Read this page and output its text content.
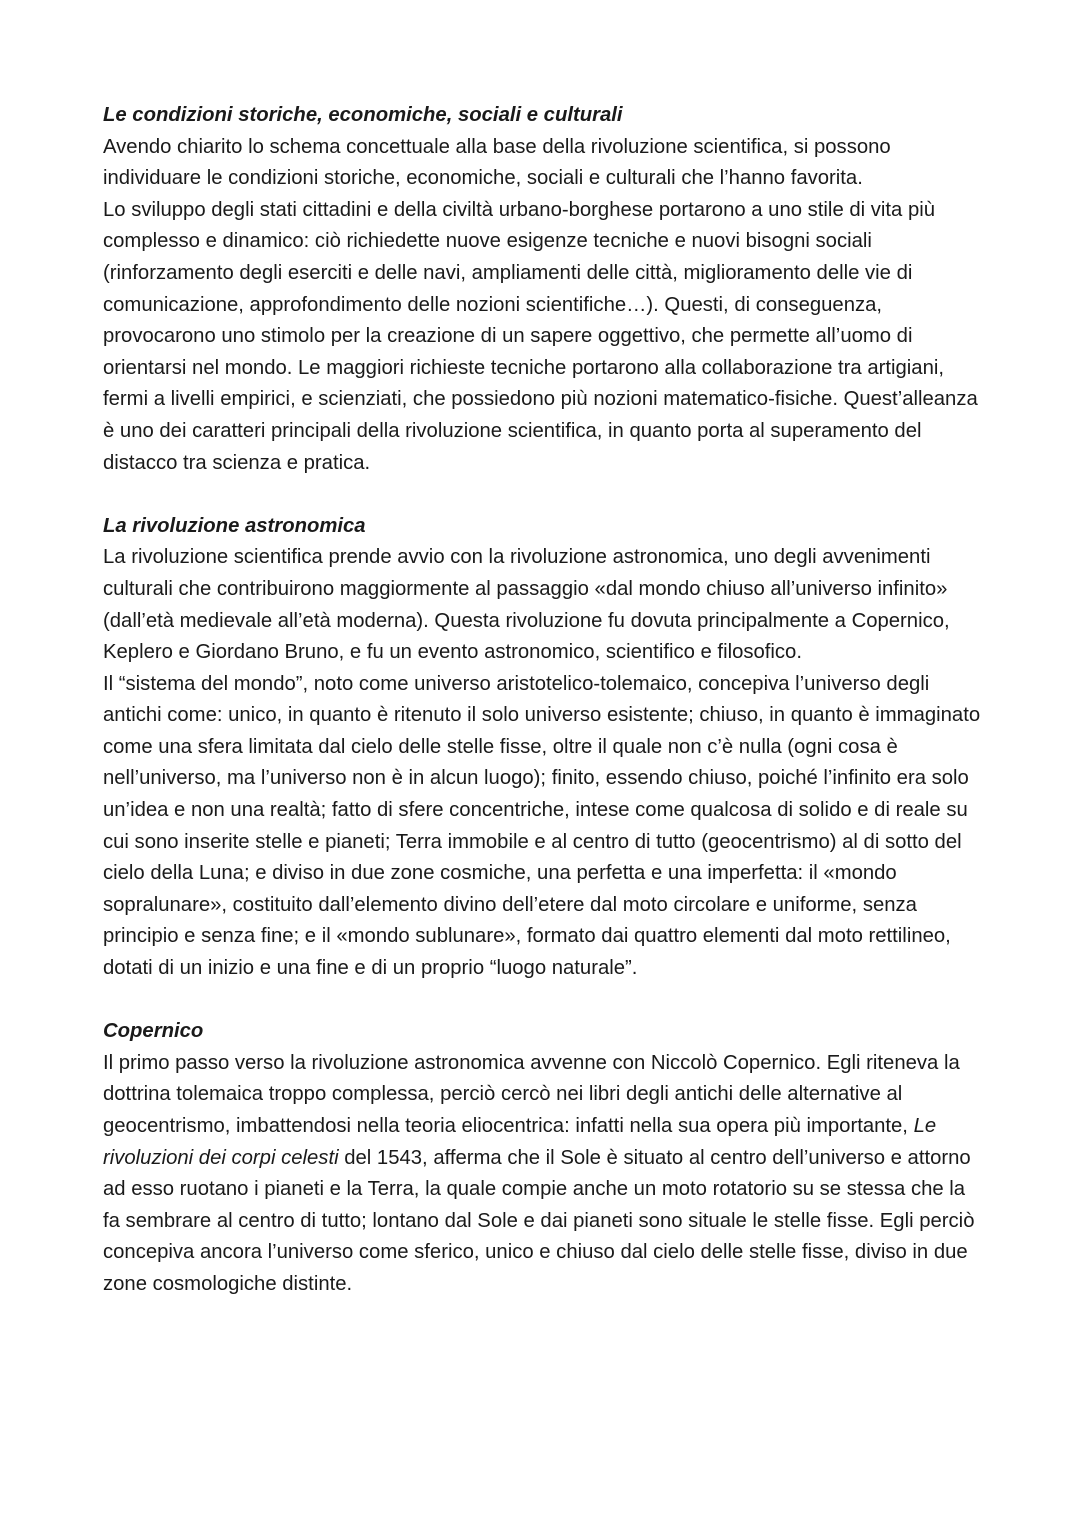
Le condizioni storiche, economiche, sociali e culturali

Avendo chiarito lo schema concettuale alla base della rivoluzione scientifica, si possono individuare le condizioni storiche, economiche, sociali e culturali che l’hanno favorita.

Lo sviluppo degli stati cittadini e della civiltà urbano-borghese portarono a uno stile di vita più complesso e dinamico: ciò richiedette nuove esigenze tecniche e nuovi bisogni sociali (rinforzamento degli eserciti e delle navi, ampliamenti delle città, miglioramento delle vie di comunicazione, approfondimento delle nozioni scientifiche…). Questi, di conseguenza, provocarono uno stimolo per la creazione di un sapere oggettivo, che permette all’uomo di orientarsi nel mondo. Le maggiori richieste tecniche portarono alla collaborazione tra artigiani, fermi a livelli empirici, e scienziati, che possiedono più nozioni matematico-fisiche. Quest’alleanza è uno dei caratteri principali della rivoluzione scientifica, in quanto porta al superamento del distacco tra scienza e pratica.

La rivoluzione astronomica

La rivoluzione scientifica prende avvio con la rivoluzione astronomica, uno degli avvenimenti culturali che contribuirono maggiormente al passaggio «dal mondo chiuso all’universo infinito» (dall’età medievale all’età moderna). Questa rivoluzione fu dovuta principalmente a Copernico, Keplero e Giordano Bruno, e fu un evento astronomico, scientifico e filosofico.

Il “sistema del mondo”, noto come universo aristotelico-tolemaico, concepiva l’universo degli antichi come: unico, in quanto è ritenuto il solo universo esistente; chiuso, in quanto è immaginato come una sfera limitata dal cielo delle stelle fisse, oltre il quale non c’è nulla (ogni cosa è nell’universo, ma l’universo non è in alcun luogo); finito, essendo chiuso, poiché l’infinito era solo un’idea e non una realtà; fatto di sfere concentriche, intese come qualcosa di solido e di reale su cui sono inserite stelle e pianeti; Terra immobile e al centro di tutto (geocentrismo) al di sotto del cielo della Luna; e diviso in due zone cosmiche, una perfetta e una imperfetta: il «mondo sopralunare», costituito dall’elemento divino dell’etere dal moto circolare e uniforme, senza principio e senza fine; e il «mondo sublunare», formato dai quattro elementi dal moto rettilineo, dotati di un inizio e una fine e di un proprio “luogo naturale”.

Copernico

Il primo passo verso la rivoluzione astronomica avvenne con Niccolò Copernico. Egli riteneva la dottrina tolemaica troppo complessa, perciò cercò nei libri degli antichi delle alternative al geocentrismo, imbattendosi nella teoria eliocentrica: infatti nella sua opera più importante, Le rivoluzioni dei corpi celesti del 1543, afferma che il Sole è situato al centro dell’universo e attorno ad esso ruotano i pianeti e la Terra, la quale compie anche un moto rotatorio su se stessa che la fa sembrare al centro di tutto; lontano dal Sole e dai pianeti sono situale le stelle fisse. Egli perciò concepiva ancora l’universo come sferico, unico e chiuso dal cielo delle stelle fisse, diviso in due zone cosmologiche distinte.
